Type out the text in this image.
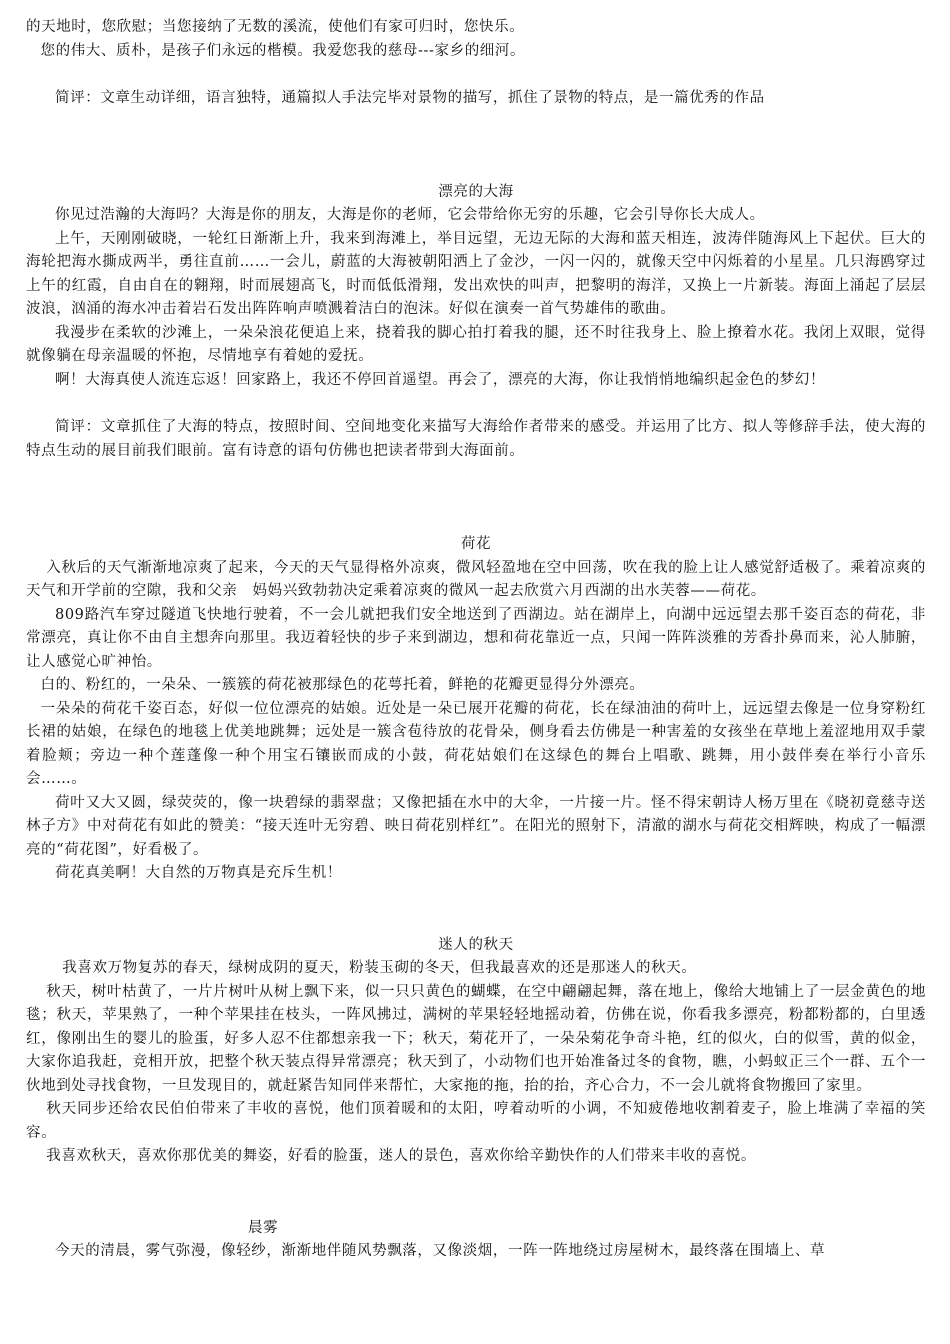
的天地时，您欣慰；当您接纳了无数的溪流，使他们有家可归时，您快乐。

您的伟大、质朴，是孩子们永远的楷模。我爱您我的慈母---家乡的细河。

简评：文章生动详细，语言独特，通篇拟人手法完毕对景物的描写，抓住了景物的特点，是一篇优秀的作品

漂亮的大海

你见过浩瀚的大海吗？大海是你的朋友，大海是你的老师，它会带给你无穷的乐趣，它会引导你长大成人。

上午，天刚刚破晓，一轮红日渐渐上升，我来到海滩上，举目远望，无边无际的大海和蓝天相连，波涛伴随海风上下起伏。巨大的海轮把海水撕成两半，勇往直前……一会儿，蔚蓝的大海被朝阳洒上了金沙，一闪一闪的，就像天空中闪烁着的小星星。几只海鸥穿过上午的红霞，自由自在的翱翔，时而展翅高飞，时而低低滑翔，发出欢快的叫声，把黎明的海洋，又换上一片新装。海面上涌起了层层波浪，汹涌的海水冲击着岩石发出阵阵响声喷溅着洁白的泡沫。好似在演奏一首气势雄伟的歌曲。

我漫步在柔软的沙滩上，一朵朵浪花便追上来，挠着我的脚心拍打着我的腿，还不时往我身上、脸上撩着水花。我闭上双眼，觉得就像躺在母亲温暖的怀抱，尽情地享有着她的爱抚。

啊！大海真使人流连忘返！回家路上，我还不停回首遥望。再会了，漂亮的大海，你让我悄悄地编织起金色的梦幻！

简评：文章抓住了大海的特点，按照时间、空间地变化来描写大海给作者带来的感受。并运用了比方、拟人等修辞手法，使大海的特点生动的展目前我们眼前。富有诗意的语句仿佛也把读者带到大海面前。

荷花

入秋后的天气渐渐地凉爽了起来，今天的天气显得格外凉爽，微风轻盈地在空中回荡，吹在我的脸上让人感觉舒适极了。乘着凉爽的天气和开学前的空隙，我和父亲　妈妈兴致勃勃决定乘着凉爽的微风一起去欣赏六月西湖的出水芙蓉——荷花。

809路汽车穿过隧道飞快地行驶着，不一会儿就把我们安全地送到了西湖边。站在湖岸上，向湖中远远望去那千姿百态的荷花，非常漂亮，真让你不由自主想奔向那里。我迈着轻快的步子来到湖边，想和荷花靠近一点，只闻一阵阵淡雅的芳香扑鼻而来，沁人肺腑，让人感觉心旷神怡。

白的、粉红的，一朵朵、一簇簇的荷花被那绿色的花萼托着，鲜艳的花瓣更显得分外漂亮。

一朵朵的荷花千姿百态，好似一位位漂亮的姑娘。近处是一朵已展开花瓣的荷花，长在绿油油的荷叶上，远远望去像是一位身穿粉红长裙的姑娘，在绿色的地毯上优美地跳舞；远处是一簇含苞待放的花骨朵，侧身看去仿佛是一种害羞的女孩坐在草地上羞涩地用双手蒙着脸颊；旁边一种个莲蓬像一种个用宝石镶嵌而成的小鼓，荷花姑娘们在这绿色的舞台上唱歌、跳舞，用小鼓伴奏在举行小音乐会……。

荷叶又大又圆，绿荧荧的，像一块碧绿的翡翠盘；又像把插在水中的大伞，一片接一片。怪不得宋朝诗人杨万里在《晓初竟慈寺送林子方》中对荷花有如此的赞美：“接天连叶无穷碧、映日荷花别样红”。在阳光的照射下，清澈的湖水与荷花交相辉映，构成了一幅漂亮的“荷花图”，好看极了。

荷花真美啊！大自然的万物真是充斥生机！

迷人的秋天

我喜欢万物复苏的春天，绿树成阴的夏天，粉装玉砌的冬天，但我最喜欢的还是那迷人的秋天。

秋天，树叶枯黄了，一片片树叶从树上飘下来，似一只只黄色的蝴蝶，在空中翩翩起舞，落在地上，像给大地铺上了一层金黄色的地毯；秋天，苹果熟了，一种个苹果挂在枝头，一阵风拂过，满树的苹果轻轻地摇动着，仿佛在说，你看我多漂亮，粉都粉都的，白里透红，像刚出生的婴儿的脸蛋，好多人忍不住都想亲我一下；秋天，菊花开了，一朵朵菊花争奇斗艳，红的似火，白的似雪，黄的似金，大家你追我赶，竞相开放，把整个秋天装点得异常漂亮；秋天到了，小动物们也开始准备过冬的食物，瞧，小蚂蚁正三个一群、五个一伙地到处寻找食物，一旦发现目的，就赶紧告知同伴来帮忙，大家拖的拖，抬的抬，齐心合力，不一会儿就将食物搬回了家里。

秋天同步还给农民伯伯带来了丰收的喜悦，他们顶着暖和的太阳，哼着动听的小调，不知疲倦地收割着麦子，脸上堆满了幸福的笑容。

我喜欢秋天，喜欢你那优美的舞姿，好看的脸蛋，迷人的景色，喜欢你给辛勤快作的人们带来丰收的喜悦。

晨雾

今天的清晨，雾气弥漫，像轻纱，渐渐地伴随风势飘落，又像淡烟，一阵一阵地绕过房屋树木，最终落在围墙上、草
